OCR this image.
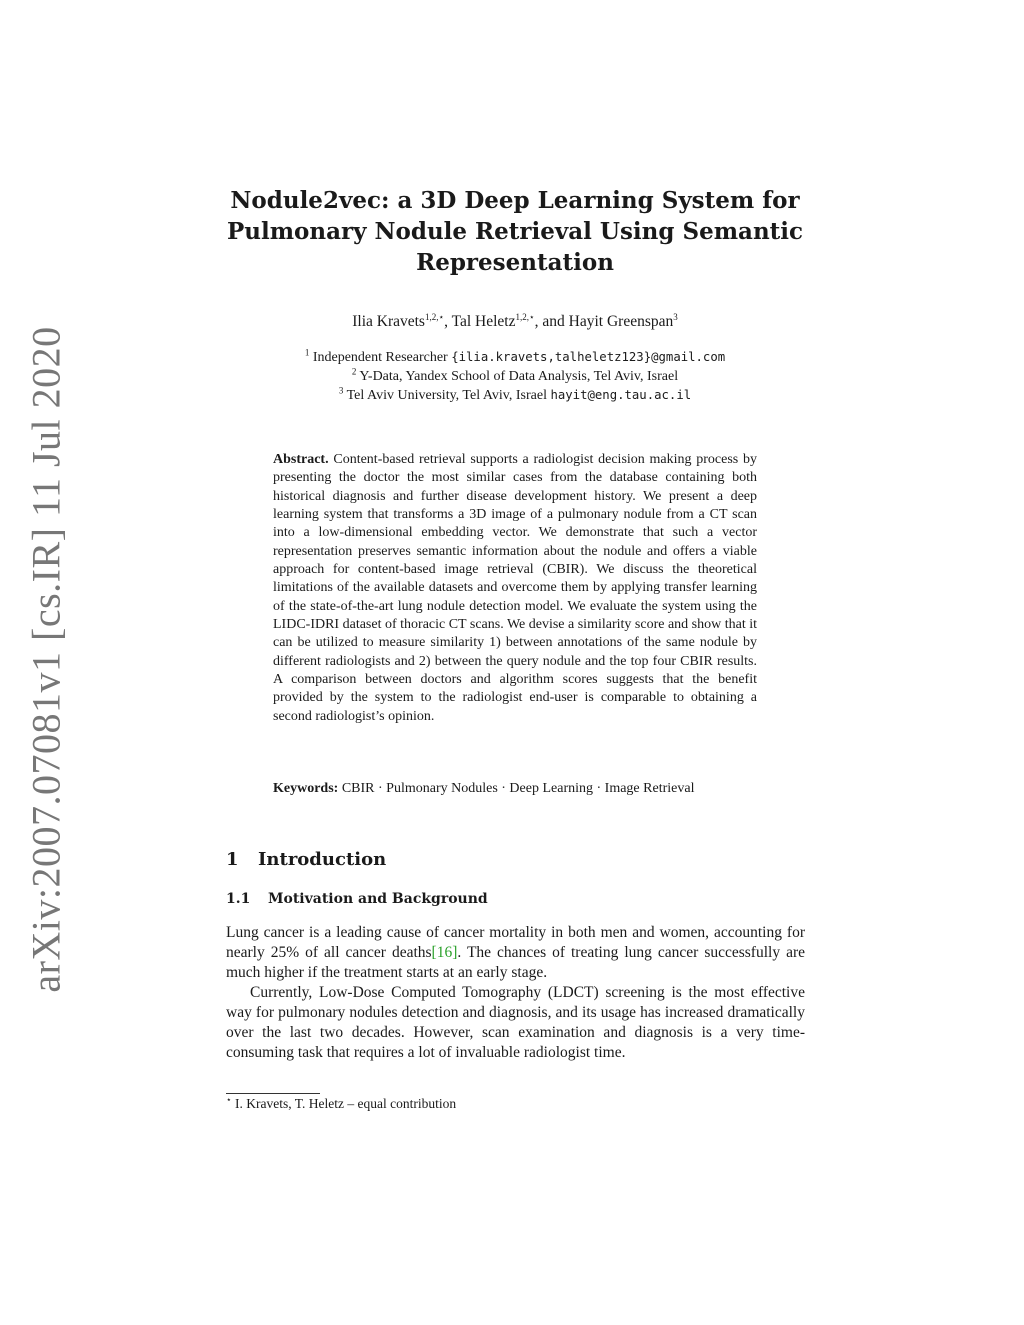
arXiv:2007.07081v1 [cs.IR] 11 Jul 2020
Nodule2vec: a 3D Deep Learning System for Pulmonary Nodule Retrieval Using Semantic Representation

Ilia Kravets$^{1,2,⋆}$, Tal Heletz$^{1,2,⋆}$, and Hayit Greenspan$^3$

$^1$ Independent Researcher {ilia.kravets,talheletz123}@gmail.com
$^2$ Y-Data, Yandex School of Data Analysis, Tel Aviv, Israel
$^3$ Tel Aviv University, Tel Aviv, Israel hayit@eng.tau.ac.il

Abstract. Content-based retrieval supports a radiologist decision making process by presenting the doctor the most similar cases from the database containing both historical diagnosis and further disease development history. We present a deep learning system that transforms a 3D image of a pulmonary nodule from a CT scan into a low-dimensional embedding vector. We demonstrate that such a vector representation preserves semantic information about the nodule and offers a viable approach for content-based image retrieval (CBIR). We discuss the theoretical limitations of the available datasets and overcome them by applying transfer learning of the state-of-the-art lung nodule detection model. We evaluate the system using the LIDC-IDRI dataset of thoracic CT scans. We devise a similarity score and show that it can be utilized to measure similarity 1) between annotations of the same nodule by different radiologists and 2) between the query nodule and the top four CBIR results. A comparison between doctors and algorithm scores suggests that the benefit provided by the system to the radiologist end-user is comparable to obtaining a second radiologist’s opinion.

Keywords: CBIR · Pulmonary Nodules · Deep Learning · Image Retrieval

1 Introduction
1.1 Motivation and Background

Lung cancer is a leading cause of cancer mortality in both men and women, accounting for nearly 25% of all cancer deaths[16]. The chances of treating lung cancer successfully are much higher if the treatment starts at an early stage.

Currently, Low-Dose Computed Tomography (LDCT) screening is the most effective way for pulmonary nodules detection and diagnosis, and its usage has increased dramatically over the last two decades. However, scan examination and diagnosis is a very time-consuming task that requires a lot of invaluable radiologist time.

⋆ I. Kravets, T. Heletz – equal contribution
